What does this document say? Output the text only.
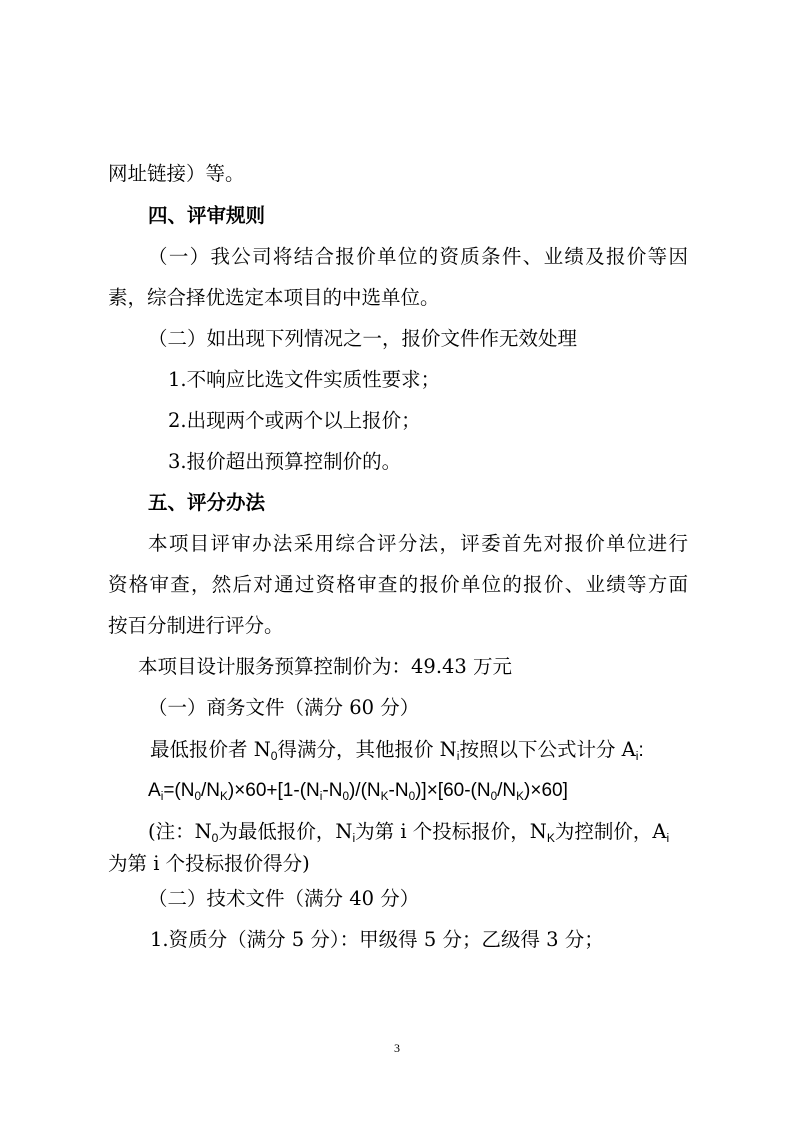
网址链接）等。
四、评审规则
（一）我公司将结合报价单位的资质条件、业绩及报价等因
素，综合择优选定本项目的中选单位。
（二）如出现下列情况之一，报价文件作无效处理
1.不响应比选文件实质性要求；
2.出现两个或两个以上报价；
3.报价超出预算控制价的。
五、评分办法
本项目评审办法采用综合评分法，评委首先对报价单位进行
资格审查，然后对通过资格审查的报价单位的报价、业绩等方面
按百分制进行评分。
本项目设计服务预算控制价为：49.43 万元
（一）商务文件（满分 60 分）
最低报价者 $N_0$得满分，其他报价 $N_i$按照以下公式计分 $A_i$:
$A_i=(N_0/N_K)\times 60+[1-(N_i-N_0)/(N_K-N_0)]\times[60-(N_0/N_K)\times 60]$
(注：$N_0$为最低报价，$N_i$为第 i 个投标报价，$N_K$为控制价，$A_i$
为第 i 个投标报价得分)
（二）技术文件（满分 40 分）
1.资质分（满分 5 分）：甲级得 5 分；乙级得 3 分；
3
